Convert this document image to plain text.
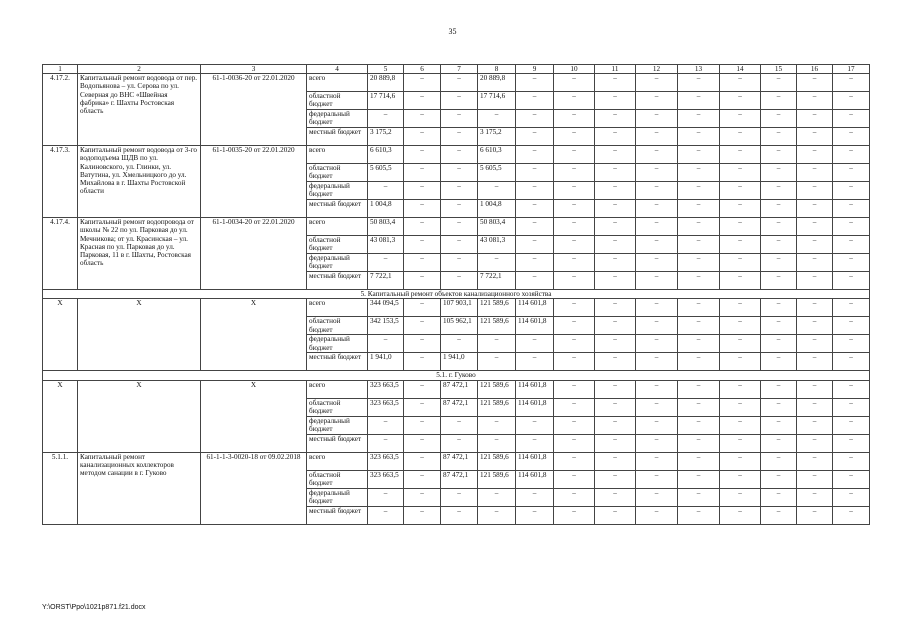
35
1	2	3	4	5	6	7	8	9	10	11	12	13	14	15	16	17
4.17.2.	Капитальный ремонт водовода от пер. Водопьянова – ул. Серова по ул. Северная до ВНС «Швейная фабрика» г. Шахты Ростовская область	61-1-0036-20 от 22.01.2020	всего	20 889,8	–	–	20 889,8	–	–	–	–	–	–	–	–	–
			областной бюджет	17 714,6	–	–	17 714,6	–	–	–	–	–	–	–	–	–
			федеральный бюджет	–	–	–	–	–	–	–	–	–	–	–	–	–
			местный бюджет	3 175,2	–	–	3 175,2	–	–	–	–	–	–	–	–	–
4.17.3.	Капитальный ремонт водовода от 3-го водоподъема ШДВ по ул. Калиновского, ул. Глинки, ул. Ватутина, ул. Хмельницкого до ул. Михайлова в г. Шахты Ростовской области	61-1-0035-20 от 22.01.2020	всего	6 610,3	–	–	6 610,3	–	–	–	–	–	–	–	–	–
			областной бюджет	5 605,5	–	–	5 605,5	–	–	–	–	–	–	–	–	–
			федеральный бюджет	–	–	–	–	–	–	–	–	–	–	–	–	–
			местный бюджет	1 004,8	–	–	1 004,8	–	–	–	–	–	–	–	–	–
4.17.4.	Капитальный ремонт водопровода от школы № 22 по ул. Парковая до ул. Мечникова; от ул. Красинская – ул. Красная по ул. Парковая до ул. Парковая, 11 в г. Шахты, Ростовская область	61-1-0034-20 от 22.01.2020	всего	50 803,4	–	–	50 803,4	–	–	–	–	–	–	–	–	–
			областной бюджет	43 081,3	–	–	43 081,3	–	–	–	–	–	–	–	–	–
			федеральный бюджет	–	–	–	–	–	–	–	–	–	–	–	–	–
			местный бюджет	7 722,1	–	–	7 722,1	–	–	–	–	–	–	–	–	–
5. Капитальный ремонт объектов канализационного хозяйства																
X	X	X	всего	344 094,5	–	107 903,1	121 589,6	114 601,8	–	–	–	–	–	–	–	–
			областной бюджет	342 153,5	–	105 962,1	121 589,6	114 601,8	–	–	–	–	–	–	–	–
			федеральный бюджет	–	–	–	–	–	–	–	–	–	–	–	–	–
			местный бюджет	1 941,0	–	1 941,0	–	–	–	–	–	–	–	–	–	–
5.1. г. Гуково																
X	X	X	всего	323 663,5	–	87 472,1	121 589,6	114 601,8	–	–	–	–	–	–	–	–
			областной бюджет	323 663,5	–	87 472,1	121 589,6	114 601,8	–	–	–	–	–	–	–	–
			федеральный бюджет	–	–	–	–	–	–	–	–	–	–	–	–	–
			местный бюджет	–	–	–	–	–	–	–	–	–	–	–	–	–
5.1.1.	Капитальный ремонт канализационных коллекторов методом санации в г. Гуково	61-1-1-3-0020-18 от 09.02.2018	всего	323 663,5	–	87 472,1	121 589,6	114 601,8	–	–	–	–	–	–	–	–
			областной бюджет	323 663,5	–	87 472,1	121 589,6	114 601,8	–	–	–	–	–	–	–	–
			федеральный бюджет	–	–	–	–	–	–	–	–	–	–	–	–	–
			местный бюджет	–	–	–	–	–	–	–	–	–	–	–	–	–
Y:\ORST\Ppo\1021p871.f21.docx
